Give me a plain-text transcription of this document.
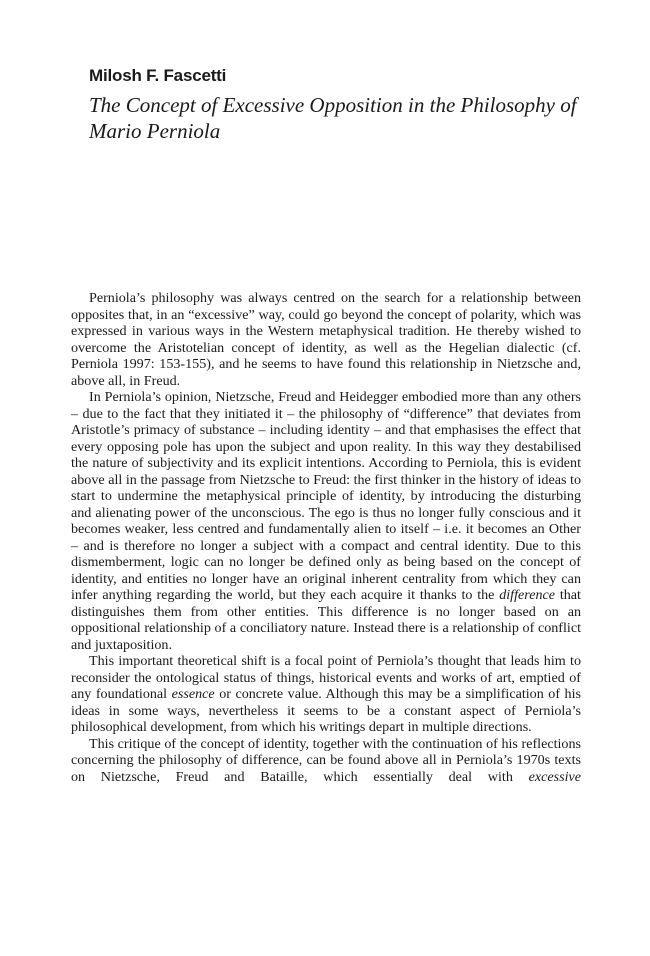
Milosh F. Fascetti
The Concept of Excessive Opposition in the Philosophy of Mario Perniola

Perniola’s philosophy was always centred on the search for a relationship between opposites that, in an “excessive” way, could go beyond the concept of polarity, which was expressed in various ways in the Western metaphysical tradition. He thereby wished to overcome the Aristotelian concept of identity, as well as the Hegelian dialectic (cf. Perniola 1997: 153-155), and he seems to have found this relationship in Nietzsche and, above all, in Freud.

In Perniola’s opinion, Nietzsche, Freud and Heidegger embodied more than any others – due to the fact that they initiated it – the philosophy of “difference” that deviates from Aristotle’s primacy of substance – including identity – and that emphasises the effect that every opposing pole has upon the subject and upon reality. In this way they destabilised the nature of subjectivity and its explicit intentions. According to Perniola, this is evident above all in the passage from Nietzsche to Freud: the first thinker in the history of ideas to start to undermine the metaphysical principle of identity, by introducing the disturbing and alienating power of the unconscious. The ego is thus no longer fully conscious and it becomes weaker, less centred and fundamentally alien to itself – i.e. it becomes an Other – and is therefore no longer a subject with a compact and central identity. Due to this dismemberment, logic can no longer be defined only as being based on the concept of identity, and entities no longer have an original inherent centrality from which they can infer anything regarding the world, but they each acquire it thanks to the difference that distinguishes them from other entities. This difference is no longer based on an oppositional relationship of a conciliatory nature. Instead there is a relationship of conflict and juxtaposition.

This important theoretical shift is a focal point of Perniola’s thought that leads him to reconsider the ontological status of things, historical events and works of art, emptied of any foundational essence or concrete value. Although this may be a simplification of his ideas in some ways, nevertheless it seems to be a constant aspect of Perniola’s philosophical development, from which his writings depart in multiple directions.

This critique of the concept of identity, together with the continuation of his reflections concerning the philosophy of difference, can be found above all in Perniola’s 1970s texts on Nietzsche, Freud and Bataille, which essentially deal with excessive
